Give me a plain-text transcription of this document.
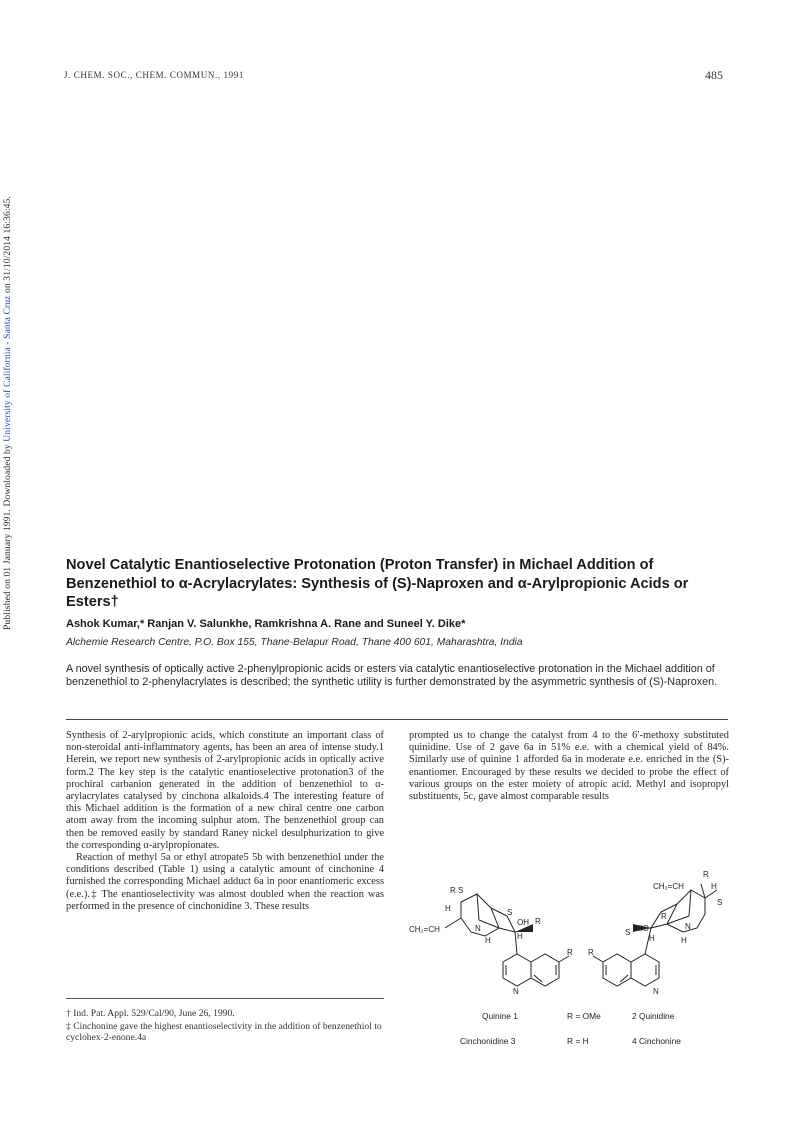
Published on 01 January 1991. Downloaded by University of California - Santa Cruz on 31/10/2014 16:36:45.
J. CHEM. SOC., CHEM. COMMUN., 1991	485
Novel Catalytic Enantioselective Protonation (Proton Transfer) in Michael Addition of Benzenethiol to α-Acrylacrylates: Synthesis of (S)-Naproxen and α-Arylpropionic Acids or Esters†
Ashok Kumar,* Ranjan V. Salunkhe, Ramkrishna A. Rane and Suneel Y. Dike*
Alchemie Research Centre, P.O. Box 155, Thane-Belapur Road, Thane 400 601, Maharashtra, India
A novel synthesis of optically active 2-phenylpropionic acids or esters via catalytic enantioselective protonation in the Michael addition of benzenethiol to 2-phenylacrylates is described; the synthetic utility is further demonstrated by the asymmetric synthesis of (S)-Naproxen.

Synthesis of 2-arylpropionic acids, which constitute an important class of non-steroidal anti-inflammatory agents, has been an area of intense study.1 Herein, we report new synthesis of 2-arylpropionic acids in optically active form.2 The key step is the catalytic enantioselective protonation3 of the prochiral carbanion generated in the addition of benzenethiol to α-arylacrylates catalysed by cinchona alkaloids.4 The interesting feature of this Michael addition is the formation of a new chiral centre one carbon atom away from the incoming sulphur atom. The benzenethiol group can then be removed easily by standard Raney nickel desulphurization to give the corresponding α-arylpropionates.

Reaction of methyl 5a or ethyl atropate5 5b with benzenethiol under the conditions described (Table 1) using a catalytic amount of cinchonine 4 furnished the corresponding Michael adduct 6a in poor enantiomeric excess (e.e.).‡ The enantioselectivity was almost doubled when the reaction was performed in the presence of cinchonidine 3. These results

prompted us to change the catalyst from 4 to the 6′-methoxy substituted quinidine. Use of 2 gave 6a in 51% e.e. with a chemical yield of 84%. Similarly use of quinine 1 afforded 6a in moderate e.e. enriched in the (S)-enantiomer. Encouraged by these results we decided to probe the effect of various groups on the ester moiety of atropic acid. Methyl and isopropyl substituents, 5c, gave almost comparable results

R S
H
CH₂=CH	N
S
OH R
H	H
N
R
R
CH₂=CH	H
S
R
S HO	N
H	H
N
R
Quinine 1	R = OMe	2 Quinidine
Cinchonidine 3	R = H	4 Cinchonine

† Ind. Pat. Appl. 529/Cal/90, June 26, 1990.

‡ Cinchonine gave the highest enantioselectivity in the addition of benzenethiol to cyclohex-2-enone.4a
